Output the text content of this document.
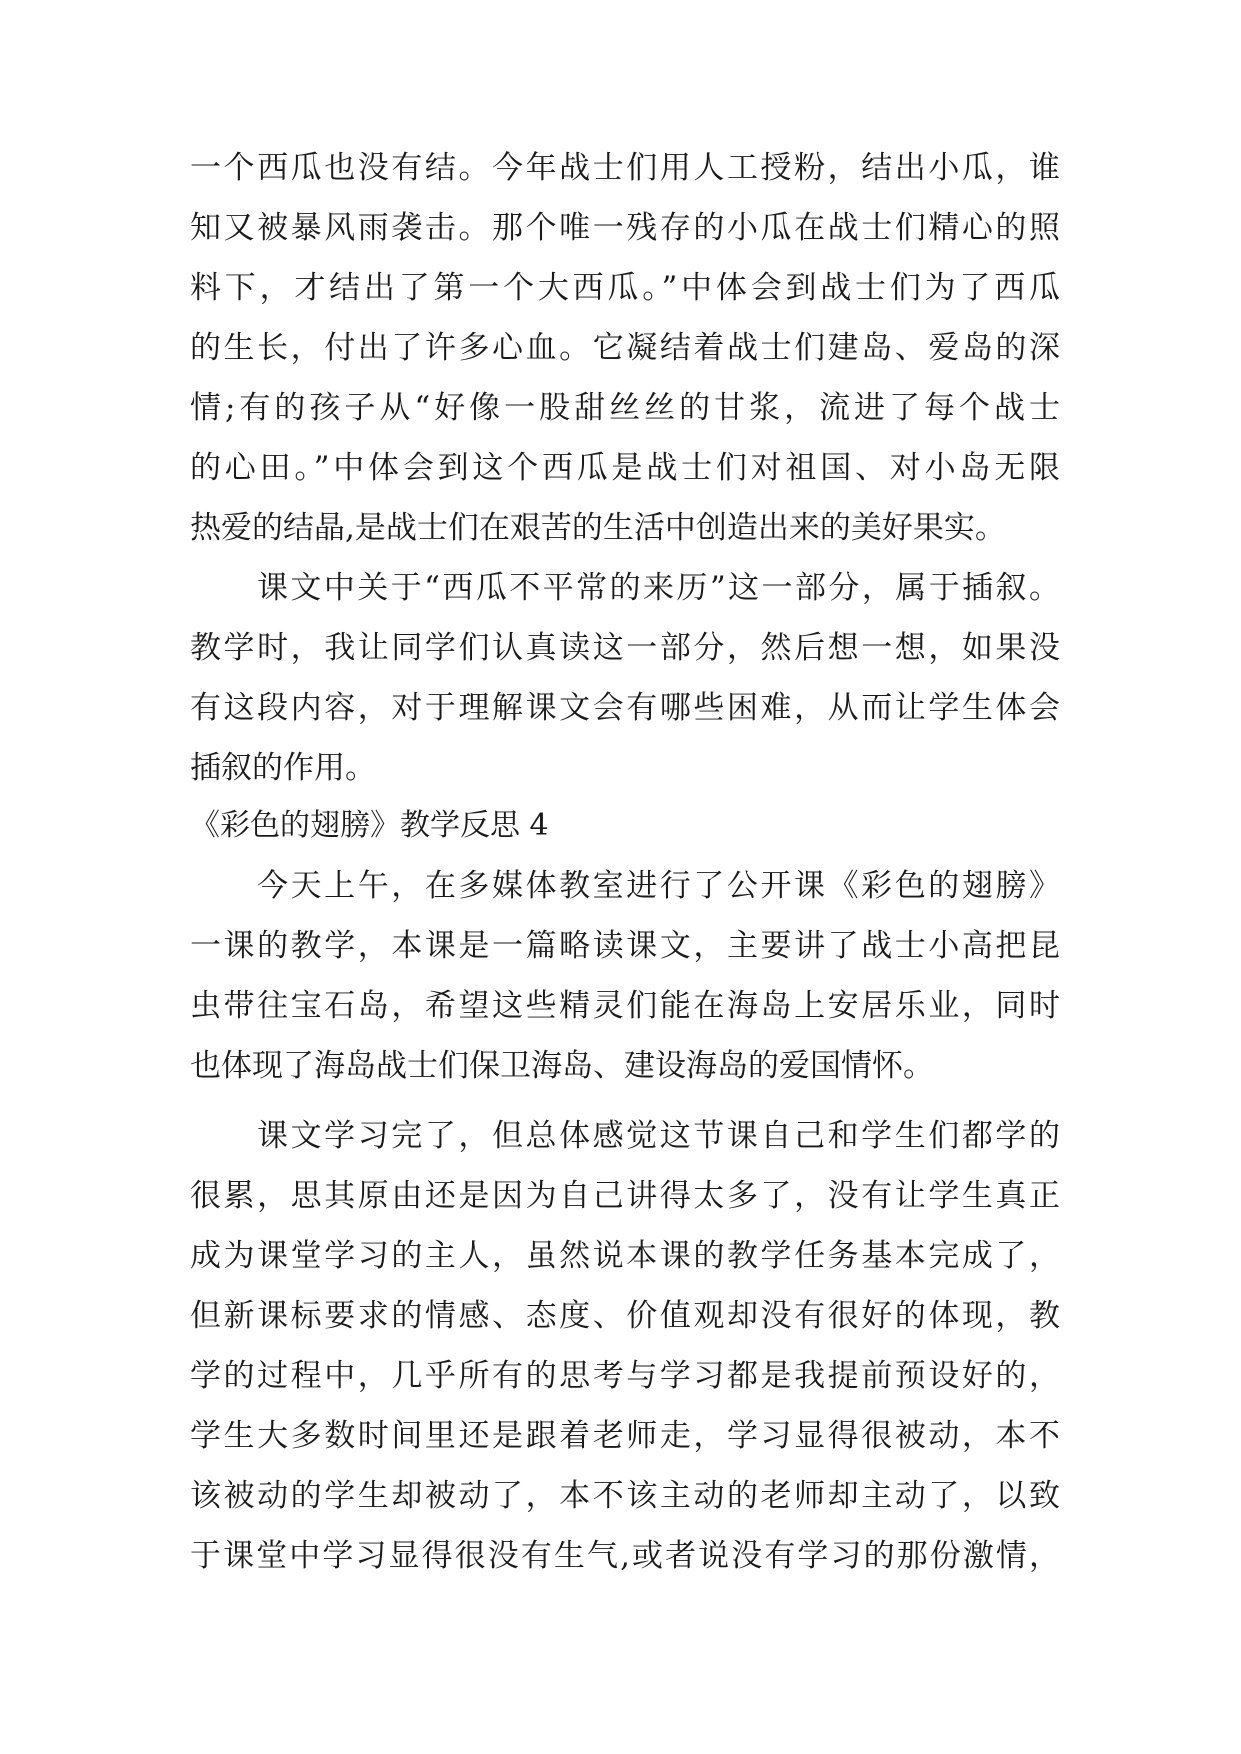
一个西瓜也没有结。今年战士们用人工授粉，结出小瓜，谁
知又被暴风雨袭击。那个唯一残存的小瓜在战士们精心的照
料下，才结出了第一个大西瓜。”中体会到战士们为了西瓜
的生长，付出了许多心血。它凝结着战士们建岛、爱岛的深
情;有的孩子从“好像一股甜丝丝的甘浆，流进了每个战士
的心田。”中体会到这个西瓜是战士们对祖国、对小岛无限
热爱的结晶,是战士们在艰苦的生活中创造出来的美好果实。
课文中关于“西瓜不平常的来历”这一部分，属于插叙。
教学时，我让同学们认真读这一部分，然后想一想，如果没
有这段内容，对于理解课文会有哪些困难，从而让学生体会
插叙的作用。
《彩色的翅膀》教学反思 4
今天上午，在多媒体教室进行了公开课《彩色的翅膀》
一课的教学，本课是一篇略读课文，主要讲了战士小高把昆
虫带往宝石岛，希望这些精灵们能在海岛上安居乐业，同时
也体现了海岛战士们保卫海岛、建设海岛的爱国情怀。
课文学习完了，但总体感觉这节课自己和学生们都学的
很累，思其原由还是因为自己讲得太多了，没有让学生真正
成为课堂学习的主人，虽然说本课的教学任务基本完成了，
但新课标要求的情感、态度、价值观却没有很好的体现，教
学的过程中，几乎所有的思考与学习都是我提前预设好的，
学生大多数时间里还是跟着老师走，学习显得很被动，本不
该被动的学生却被动了，本不该主动的老师却主动了，以致
于课堂中学习显得很没有生气,或者说没有学习的那份激情，
